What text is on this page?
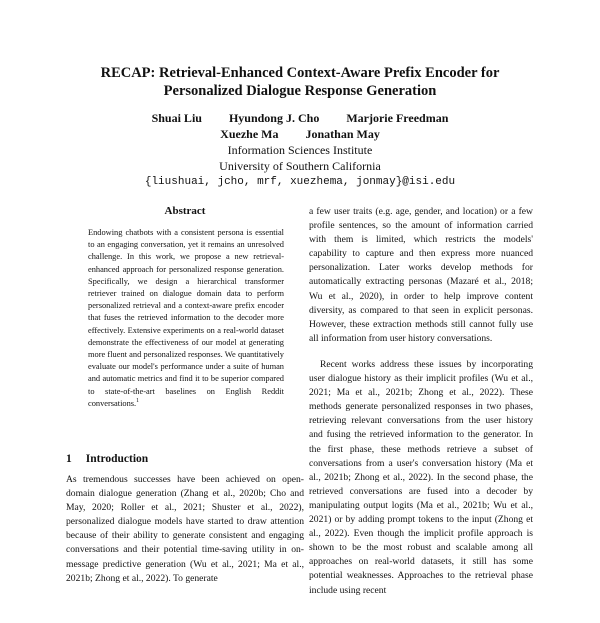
RECAP: Retrieval-Enhanced Context-Aware Prefix Encoder for
Personalized Dialogue Response Generation
Shuai Liu Hyundong J. Cho Marjorie Freedman
Xuezhe Ma Jonathan May
Information Sciences Institute
University of Southern California
{liushuai, jcho, mrf, xuezhema, jonmay}@isi.edu
Abstract

Endowing chatbots with a consistent persona is essential to an engaging conversation, yet it remains an unresolved challenge. In this work, we propose a new retrieval-enhanced approach for personalized response generation. Specifically, we design a hierarchical transformer retriever trained on dialogue domain data to perform personalized retrieval and a context-aware prefix encoder that fuses the retrieved information to the decoder more effectively. Extensive experiments on a real-world dataset demonstrate the effectiveness of our model at generating more fluent and personalized responses. We quantitatively evaluate our model's performance under a suite of human and automatic metrics and find it to be superior compared to state-of-the-art baselines on English Reddit conversations.$^1$

1 Introduction

As tremendous successes have been achieved on open-domain dialogue generation (Zhang et al., 2020b; Cho and May, 2020; Roller et al., 2021; Shuster et al., 2022), personalized dialogue models have started to draw attention because of their ability to generate consistent and engaging conversations and their potential time-saving utility in on-message predictive generation (Wu et al., 2021; Ma et al., 2021b; Zhong et al., 2022). To generate

a few user traits (e.g. age, gender, and location) or a few profile sentences, so the amount of information carried with them is limited, which restricts the models' capability to capture and then express more nuanced personalization. Later works develop methods for automatically extracting personas (Mazaré et al., 2018; Wu et al., 2020), in order to help improve content diversity, as compared to that seen in explicit personas. However, these extraction methods still cannot fully use all information from user history conversations.

Recent works address these issues by incorporating user dialogue history as their implicit profiles (Wu et al., 2021; Ma et al., 2021b; Zhong et al., 2022). These methods generate personalized responses in two phases, retrieving relevant conversations from the user history and fusing the retrieved information to the generator. In the first phase, these methods retrieve a subset of conversations from a user's conversation history (Ma et al., 2021b; Zhong et al., 2022). In the second phase, the retrieved conversations are fused into a decoder by manipulating output logits (Ma et al., 2021b; Wu et al., 2021) or by adding prompt tokens to the input (Zhong et al., 2022). Even though the implicit profile approach is shown to be the most robust and scalable among all approaches on real-world datasets, it still has some potential weaknesses. Approaches to the retrieval phase include using recent
